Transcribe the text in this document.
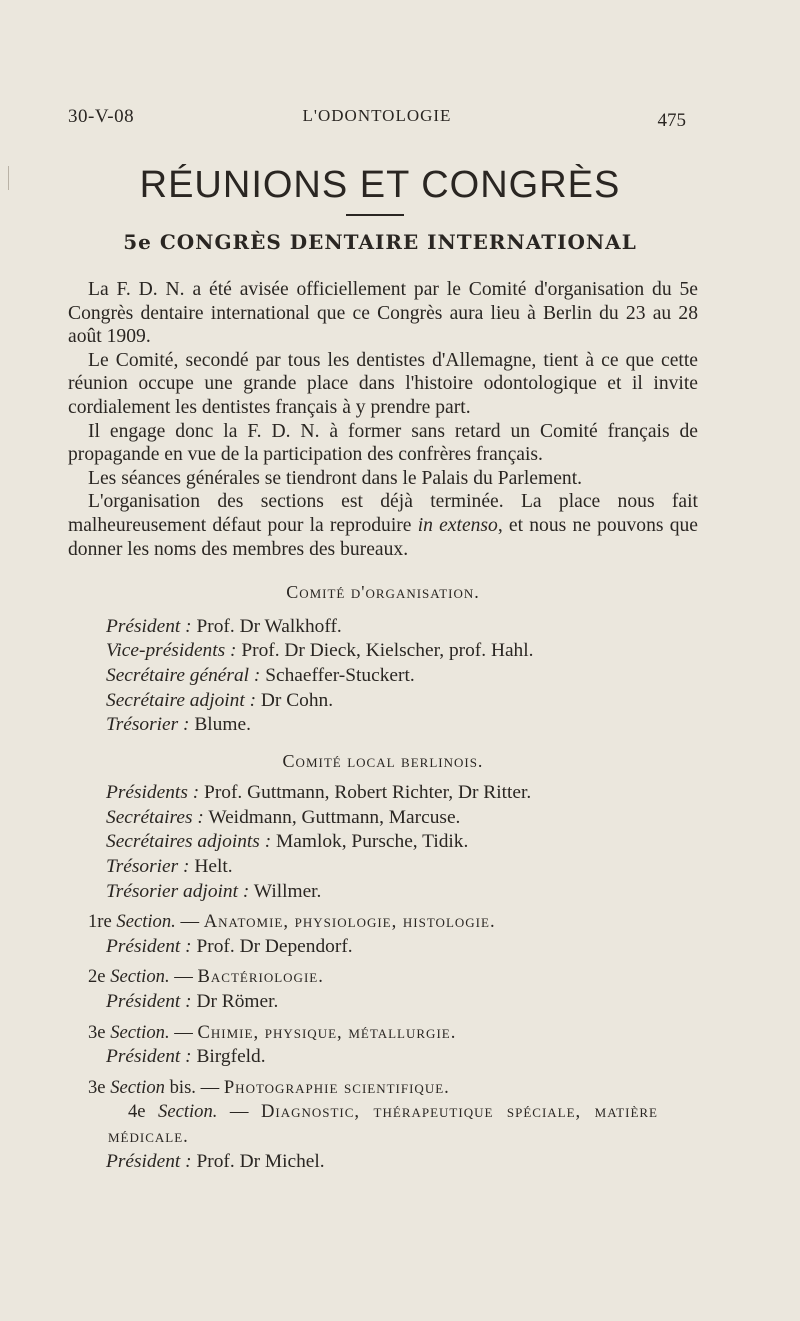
30-V-08	L'ODONTOLOGIE	475
RÉUNIONS ET CONGRÈS
5e CONGRÈS DENTAIRE INTERNATIONAL

La F. D. N. a été avisée officiellement par le Comité d'organisation du 5e Congrès dentaire international que ce Congrès aura lieu à Berlin du 23 au 28 août 1909.

Le Comité, secondé par tous les dentistes d'Allemagne, tient à ce que cette réunion occupe une grande place dans l'histoire odontologique et il invite cordialement les dentistes français à y prendre part.

Il engage donc la F. D. N. à former sans retard un Comité français de propagande en vue de la participation des confrères français.

Les séances générales se tiendront dans le Palais du Parlement.

L'organisation des sections est déjà terminée. La place nous fait malheureusement défaut pour la reproduire in extenso, et nous ne pouvons que donner les noms des membres des bureaux.

Comité d'organisation.

Président : Prof. Dr Walkhoff.

Vice-présidents : Prof. Dr Dieck, Kielscher, prof. Hahl.

Secrétaire général : Schaeffer-Stuckert.

Secrétaire adjoint : Dr Cohn.

Trésorier : Blume.

Comité local berlinois.

Présidents : Prof. Guttmann, Robert Richter, Dr Ritter.

Secrétaires : Weidmann, Guttmann, Marcuse.

Secrétaires adjoints : Mamlok, Pursche, Tidik.

Trésorier : Helt.

Trésorier adjoint : Willmer.

1re Section. — Anatomie, physiologie, histologie.

Président : Prof. Dr Dependorf.

2e Section. — Bactériologie.

Président : Dr Römer.

3e Section. — Chimie, physique, métallurgie.

Président : Birgfeld.

3e Section bis. — Photographie scientifique.

4e Section. — Diagnostic, thérapeutique spéciale, matière médicale.

Président : Prof. Dr Michel.
